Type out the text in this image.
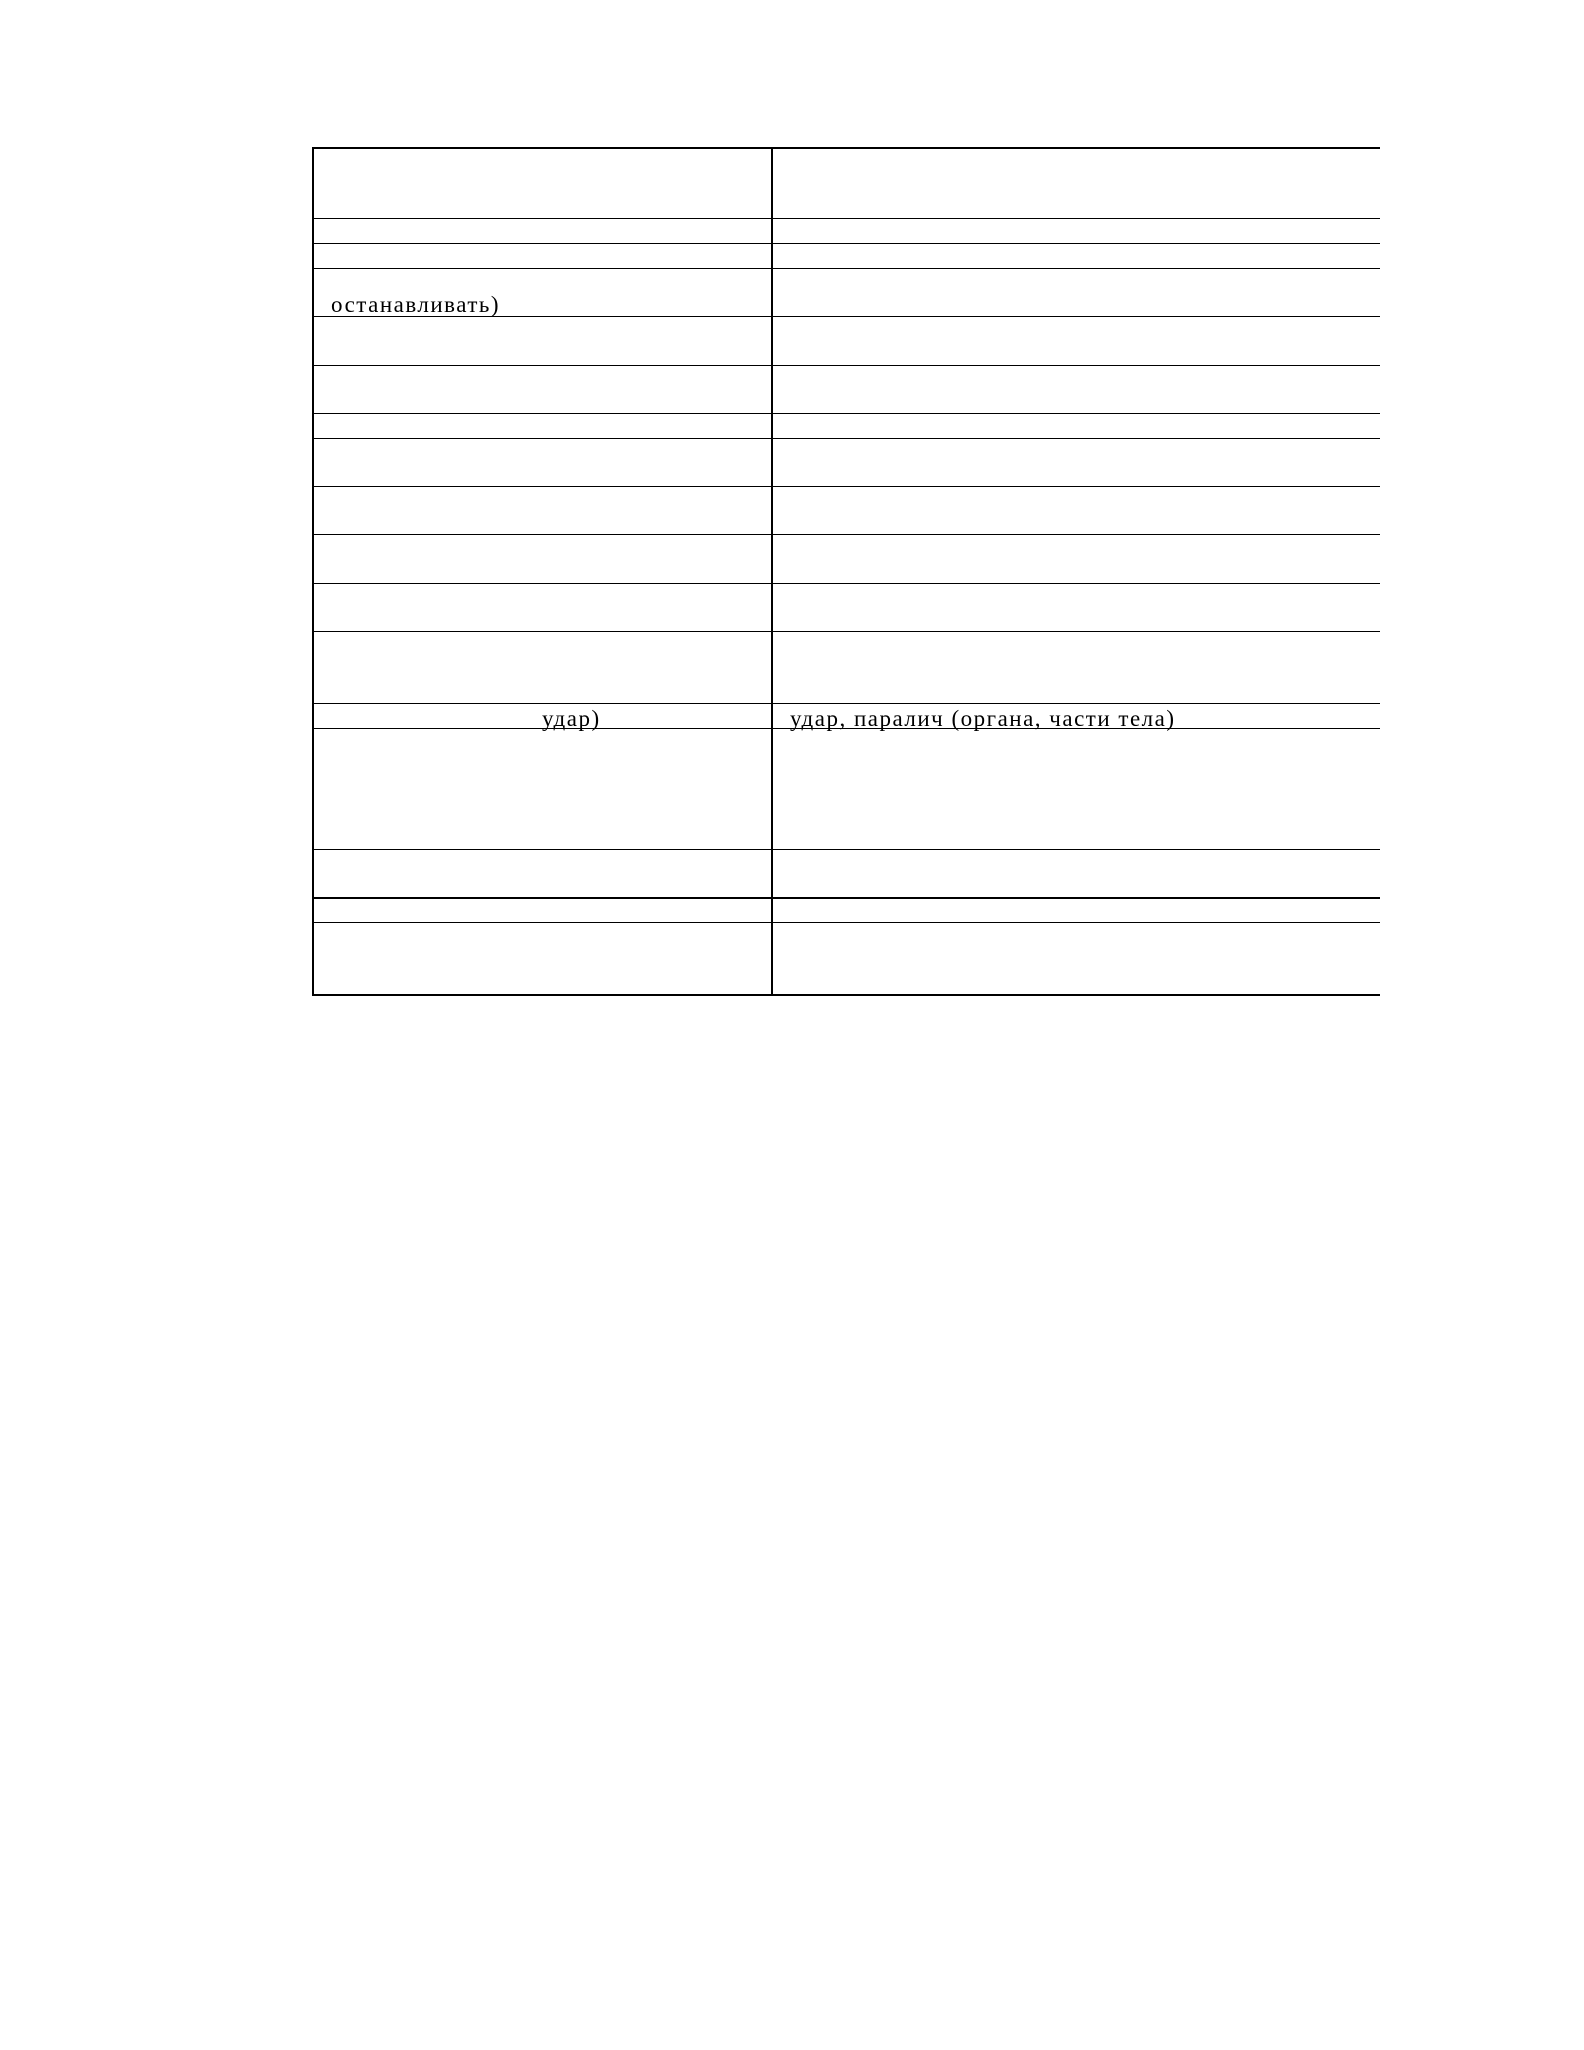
останавливать)
удар)	удар, паралич (органа, части тела)
